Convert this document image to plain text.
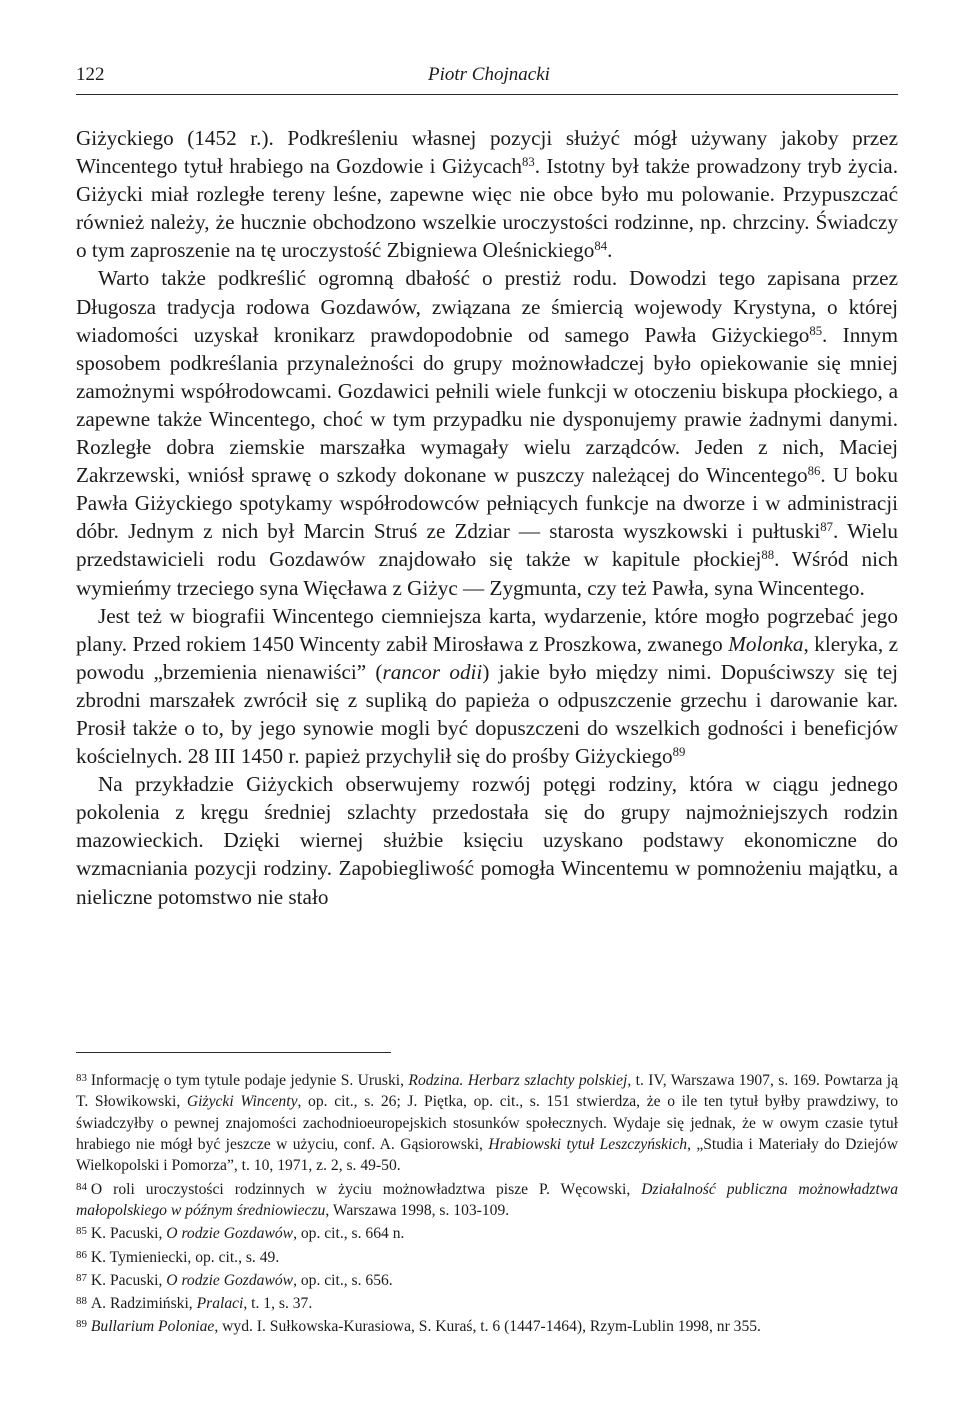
122	Piotr Chojnacki

Giżyckiego (1452 r.). Podkreśleniu własnej pozycji służyć mógł używany jakoby przez Wincentego tytuł hrabiego na Gozdowie i Giżycach$^{83}$. Istotny był także prowadzony tryb życia. Giżycki miał rozległe tereny leśne, zapewne więc nie obce było mu polowanie. Przypuszczać również należy, że hucznie obchodzono wszelkie uroczystości rodzinne, np. chrzciny. Świadczy o tym zaproszenie na tę uroczystość Zbigniewa Oleśnickiego$^{84}$.

Warto także podkreślić ogromną dbałość o prestiż rodu. Dowodzi tego zapisana przez Długosza tradycja rodowa Gozdawów, związana ze śmiercią wojewody Krystyna, o której wiadomości uzyskał kronikarz prawdopodobnie od samego Pawła Giżyckiego$^{85}$. Innym sposobem podkreślania przynależności do grupy możnowładczej było opiekowanie się mniej zamożnymi współrodowcami. Gozdawici pełnili wiele funkcji w otoczeniu biskupa płockiego, a zapewne także Wincentego, choć w tym przypadku nie dysponujemy prawie żadnymi danymi. Rozległe dobra ziemskie marszałka wymagały wielu zarządców. Jeden z nich, Maciej Zakrzewski, wniósł sprawę o szkody dokonane w puszczy należącej do Wincentego$^{86}$. U boku Pawła Giżyckiego spotykamy współrodowców pełniących funkcje na dworze i w administracji dóbr. Jednym z nich był Marcin Struś ze Zdziar — starosta wyszkowski i pułtuski$^{87}$. Wielu przedstawicieli rodu Gozdawów znajdowało się także w kapitule płockiej$^{88}$. Wśród nich wymieńmy trzeciego syna Więcława z Giżyc — Zygmunta, czy też Pawła, syna Wincentego.

Jest też w biografii Wincentego ciemniejsza karta, wydarzenie, które mogło pogrzebać jego plany. Przed rokiem 1450 Wincenty zabił Mirosława z Proszkowa, zwanego Molonka, kleryka, z powodu „brzemienia nienawiści” (rancor odii) jakie było między nimi. Dopuściwszy się tej zbrodni marszałek zwrócił się z supliką do papieża o odpuszczenie grzechu i darowanie kar. Prosił także o to, by jego synowie mogli być dopuszczeni do wszelkich godności i beneficjów kościelnych. 28 III 1450 r. papież przychylił się do prośby Giżyckiego$^{89}$

Na przykładzie Giżyckich obserwujemy rozwój potęgi rodziny, która w ciągu jednego pokolenia z kręgu średniej szlachty przedostała się do grupy najmożniejszych rodzin mazowieckich. Dzięki wiernej służbie księciu uzyskano podstawy ekonomiczne do wzmacniania pozycji rodziny. Zapobiegliwość pomogła Wincentemu w pomnożeniu majątku, a nieliczne potomstwo nie stało

$^{83}$ Informację o tym tytule podaje jedynie S. Uruski, Rodzina. Herbarz szlachty polskiej, t. IV, Warszawa 1907, s. 169. Powtarza ją T. Słowikowski, Giżycki Wincenty, op. cit., s. 26; J. Piętka, op. cit., s. 151 stwierdza, że o ile ten tytuł byłby prawdziwy, to świadczyłby o pewnej znajomości zachodnioeuropejskich stosunków społecznych. Wydaje się jednak, że w owym czasie tytuł hrabiego nie mógł być jeszcze w użyciu, conf. A. Gąsiorowski, Hrabiowski tytuł Leszczyńskich, „Studia i Materiały do Dziejów Wielkopolski i Pomorza”, t. 10, 1971, z. 2, s. 49-50.

$^{84}$ O roli uroczystości rodzinnych w życiu możnowładztwa pisze P. Węcowski, Działalność publiczna możnowładztwa małopolskiego w późnym średniowieczu, Warszawa 1998, s. 103-109.

$^{85}$ K. Pacuski, O rodzie Gozdawów, op. cit., s. 664 n.

$^{86}$ K. Tymieniecki, op. cit., s. 49.

$^{87}$ K. Pacuski, O rodzie Gozdawów, op. cit., s. 656.

$^{88}$ A. Radzimiński, Pralaci, t. 1, s. 37.

$^{89}$ Bullarium Poloniae, wyd. I. Sułkowska-Kurasiowa, S. Kuraś, t. 6 (1447-1464), Rzym-Lublin 1998, nr 355.
